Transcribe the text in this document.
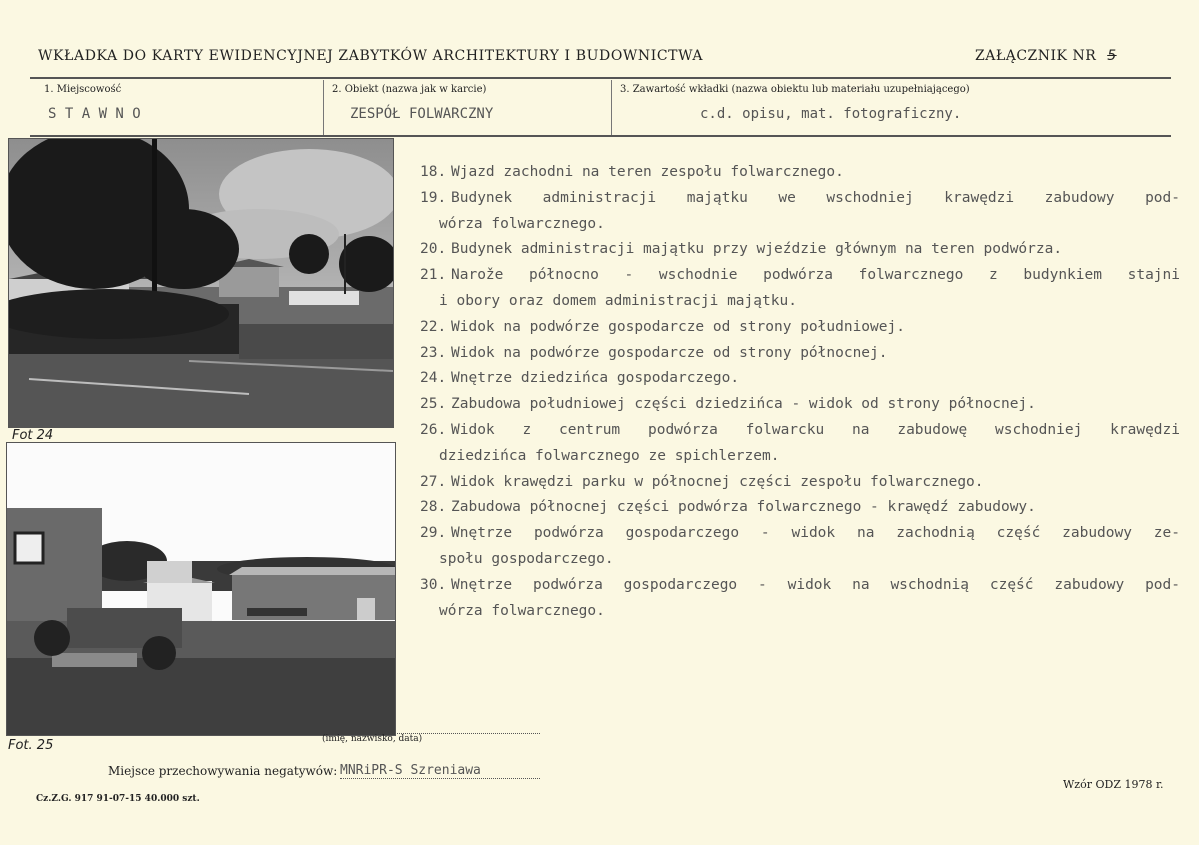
WKŁADKA DO KARTY EWIDENCYJNEJ ZABYTKÓW ARCHITEKTURY I BUDOWNICTWA	ZAŁĄCZNIK NR 5
1. Miejscowość
S T A W N O
2. Obiekt (nazwa jak w karcie)
ZESPÓŁ FOLWARCZNY
3. Zawartość wkładki (nazwa obiektu lub materiału uzupełniającego)
c.d. opisu, mat. fotograficzny.
Fot 24
Fot. 25
18. Wjazd zachodni na teren zespołu folwarcznego.
19. Budynek administracji majątku we wschodniej krawędzi zabudowy pod-
wórza folwarcznego.
20. Budynek administracji majątku przy wjeździe głównym na teren podwórza.
21. Narože północno - wschodnie podwórza folwarcznego z budynkiem stajni
i obory oraz domem administracji majątku.
22. Widok na podwórze gospodarcze od strony południowej.
23. Widok na podwórze gospodarcze od strony północnej.
24. Wnętrze dziedzińca gospodarczego.
25. Zabudowa południowej części dziedzińca - widok od strony północnej.
26. Widok z centrum podwórza folwarcku na zabudowę wschodniej krawędzi
dziedzińca folwarcznego ze spichlerzem.
27. Widok krawędzi parku w północnej części zespołu folwarcznego.
28. Zabudowa północnej części podwórza folwarcznego - krawędź zabudowy.
29. Wnętrze podwórza gospodarczego - widok na zachodnią część zabudowy ze-
społu gospodarczego.
30. Wnętrze podwórza gospodarczego - widok na wschodnią część zabudowy pod-
wórza folwarcznego.
(imię, nazwisko, data)
Miejsce przechowywania negatywów: MNRiPR-S Szreniawa
Wzór ODZ 1978 r.
Cz.Z.G. 917 91-07-15 40.000 szt.
